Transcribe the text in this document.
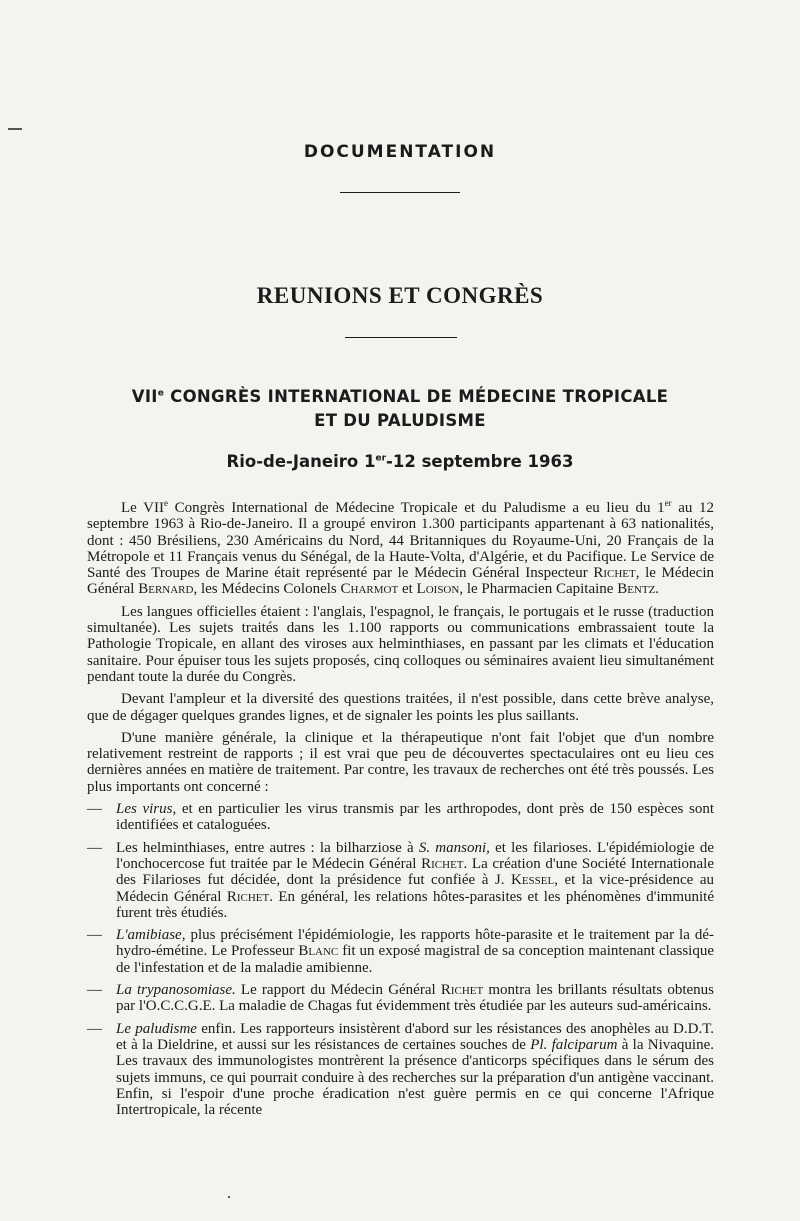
DOCUMENTATION
REUNIONS ET CONGRÈS
VIIe CONGRÈS INTERNATIONAL DE MÉDECINE TROPICALE
ET DU PALUDISME
Rio-de-Janeiro 1er-12 septembre 1963

Le VIIe Congrès International de Médecine Tropicale et du Paludisme a eu lieu du 1er au 12 septembre 1963 à Rio-de-Janeiro. Il a groupé environ 1.300 participants appartenant à 63 nationalités, dont : 450 Brésiliens, 230 Américains du Nord, 44 Britanniques du Royaume-Uni, 20 Français de la Métropole et 11 Français venus du Sénégal, de la Haute-Volta, d'Algérie, et du Pacifique. Le Service de Santé des Troupes de Marine était représenté par le Médecin Général Inspecteur Richet, le Médecin Général Bernard, les Médecins Colonels Charmot et Loison, le Pharmacien Capitaine Bentz.

Les langues officielles étaient : l'anglais, l'espagnol, le français, le portugais et le russe (traduction simultanée). Les sujets traités dans les 1.100 rapports ou communications embrassaient toute la Pathologie Tropicale, en allant des viroses aux helminthiases, en passant par les climats et l'éducation sanitaire. Pour épuiser tous les sujets proposés, cinq colloques ou séminaires avaient lieu simultanément pendant toute la durée du Congrès.

Devant l'ampleur et la diversité des questions traitées, il n'est possible, dans cette brève analyse, que de dégager quelques grandes lignes, et de signaler les points les plus saillants.

D'une manière générale, la clinique et la thérapeutique n'ont fait l'objet que d'un nombre relativement restreint de rapports ; il est vrai que peu de découvertes spectaculaires ont eu lieu ces dernières années en matière de traitement. Par contre, les travaux de recherches ont été très poussés. Les plus importants ont concerné :

— Les virus, et en particulier les virus transmis par les arthropodes, dont près de 150 espèces sont identifiées et cataloguées.
— Les helminthiases, entre autres : la bilharziose à S. mansoni, et les filarioses. L'épidémiologie de l'onchocercose fut traitée par le Médecin Général Richet. La création d'une Société Internationale des Filarioses fut décidée, dont la présidence fut confiée à J. Kessel, et la vice-présidence au Médecin Général Richet. En général, les relations hôtes-parasites et les phénomènes d'immunité furent très étudiés.
— L'amibiase, plus précisément l'épidémiologie, les rapports hôte-parasite et le traitement par la dé-hydro-émétine. Le Professeur Blanc fit un exposé magistral de sa conception maintenant classique de l'infestation et de la maladie amibienne.
— La trypanosomiase. Le rapport du Médecin Général Richet montra les brillants résultats obtenus par l'O.C.C.G.E. La maladie de Chagas fut évidemment très étudiée par les auteurs sud-américains.
— Le paludisme enfin. Les rapporteurs insistèrent d'abord sur les résistances des anophèles au D.D.T. et à la Dieldrine, et aussi sur les résistances de certaines souches de Pl. falciparum à la Nivaquine. Les travaux des immunologistes montrèrent la présence d'anticorps spécifiques dans le sérum des sujets immuns, ce qui pourrait conduire à des recherches sur la préparation d'un antigène vaccinant. Enfin, si l'espoir d'une proche éradication n'est guère permis en ce qui concerne l'Afrique Intertropicale, la récente
